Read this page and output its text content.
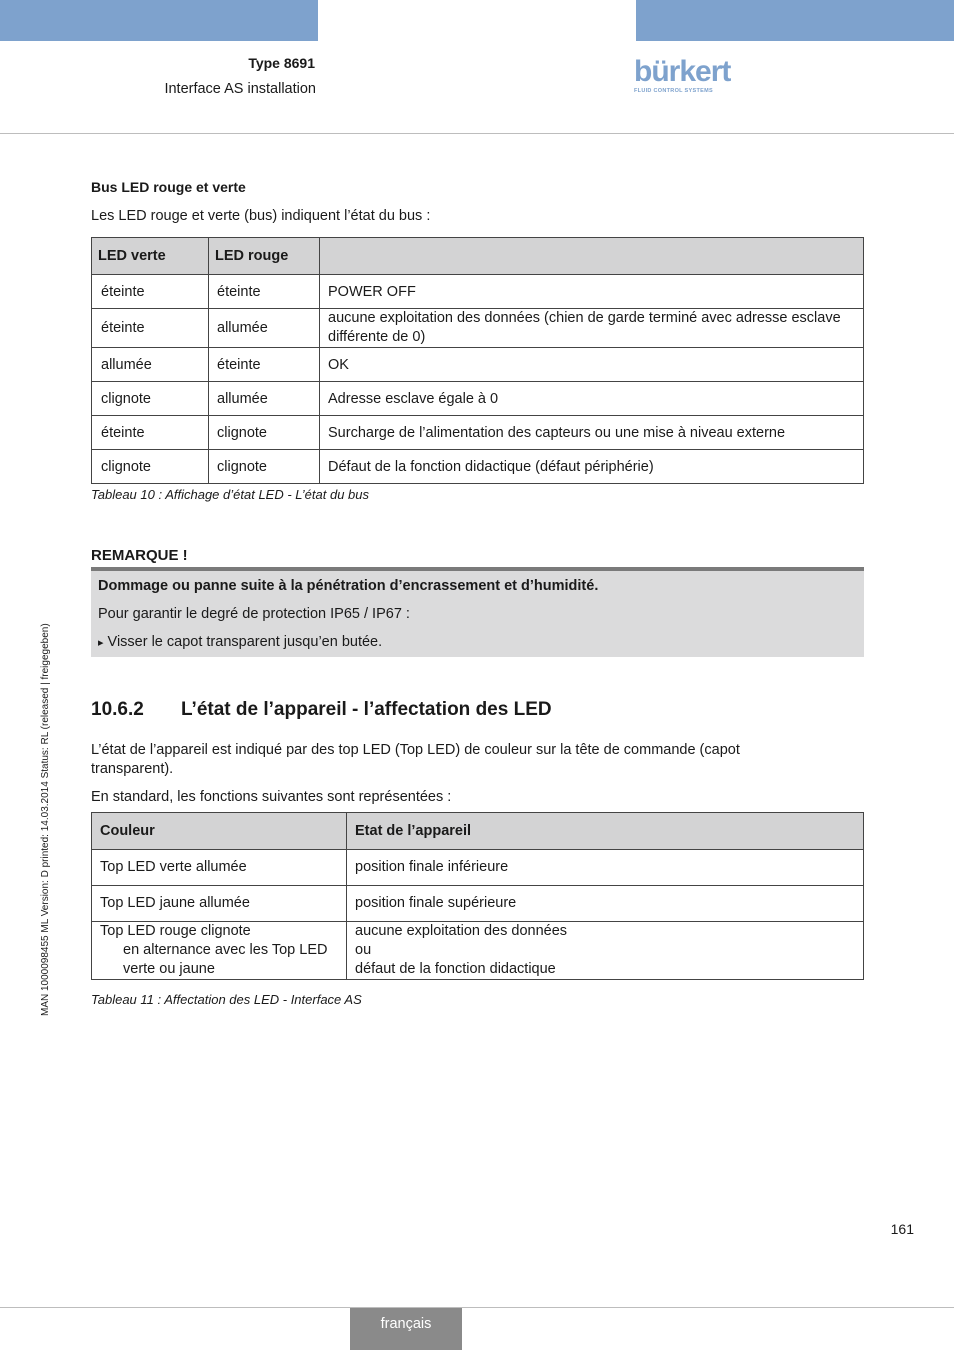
Type 8691
Interface AS installation
bürkert
FLUID CONTROL SYSTEMS
Bus LED rouge et verte
Les LED rouge et verte (bus) indiquent l’état du bus :
LED verte	LED rouge	
éteinte	éteinte	POWER OFF
éteinte	allumée	aucune exploitation des données (chien de garde terminé avec adresse esclave différente de 0)
allumée	éteinte	OK
clignote	allumée	Adresse esclave égale à 0
éteinte	clignote	Surcharge de l’alimentation des capteurs ou une mise à niveau externe
clignote	clignote	Défaut de la fonction didactique (défaut périphérie)
Tableau 10 : Affichage d’état LED - L’état du bus
REMARQUE !
Dommage ou panne suite à la pénétration d’encrassement et d’humidité.
Pour garantir le degré de protection IP65 / IP67 :
▸ Visser le capot transparent jusqu’en butée.
10.6.2 L’état de l’appareil - l’affectation des LED
L’état de l’appareil est indiqué par des top LED (Top LED) de couleur sur la tête de commande (capot transparent).
En standard, les fonctions suivantes sont représentées :
Couleur	Etat de l’appareil
Top LED verte allumée	position finale inférieure
Top LED jaune allumée	position finale supérieure

Top LED rouge clignote
en alternance avec les Top LED verte ou jaune	aucune exploitation des données
ou
défaut de la fonction didactique
Tableau 11 : Affectation des LED - Interface AS
MAN 1000098455 ML Version: D printed: 14.03.2014 Status: RL (released | freigegeben)
161
français
